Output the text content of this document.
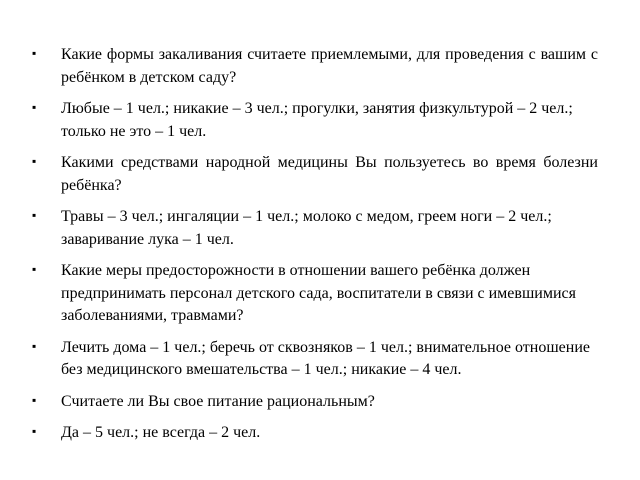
▪	Какие формы закаливания считаете приемлемыми, для проведения с вашим с ребёнком в детском саду?
▪	Любые – 1 чел.; никакие – 3 чел.; прогулки, занятия физкультурой – 2 чел.; только не это – 1 чел.
▪	Какими средствами народной медицины Вы пользуетесь во время болезни ребёнка?
▪	Травы – 3 чел.; ингаляции – 1 чел.; молоко с медом, греем ноги – 2 чел.; заваривание лука – 1 чел.
▪	Какие меры предосторожности в отношении вашего ребёнка должен предпринимать персонал детского сада, воспитатели в связи с имевшимися заболеваниями, травмами?
▪	Лечить дома – 1 чел.; беречь от сквозняков – 1 чел.; внимательное отношение без медицинского вмешательства – 1 чел.; никакие – 4 чел.
▪	Считаете ли Вы свое питание рациональным?
▪	Да – 5 чел.; не всегда – 2 чел.
